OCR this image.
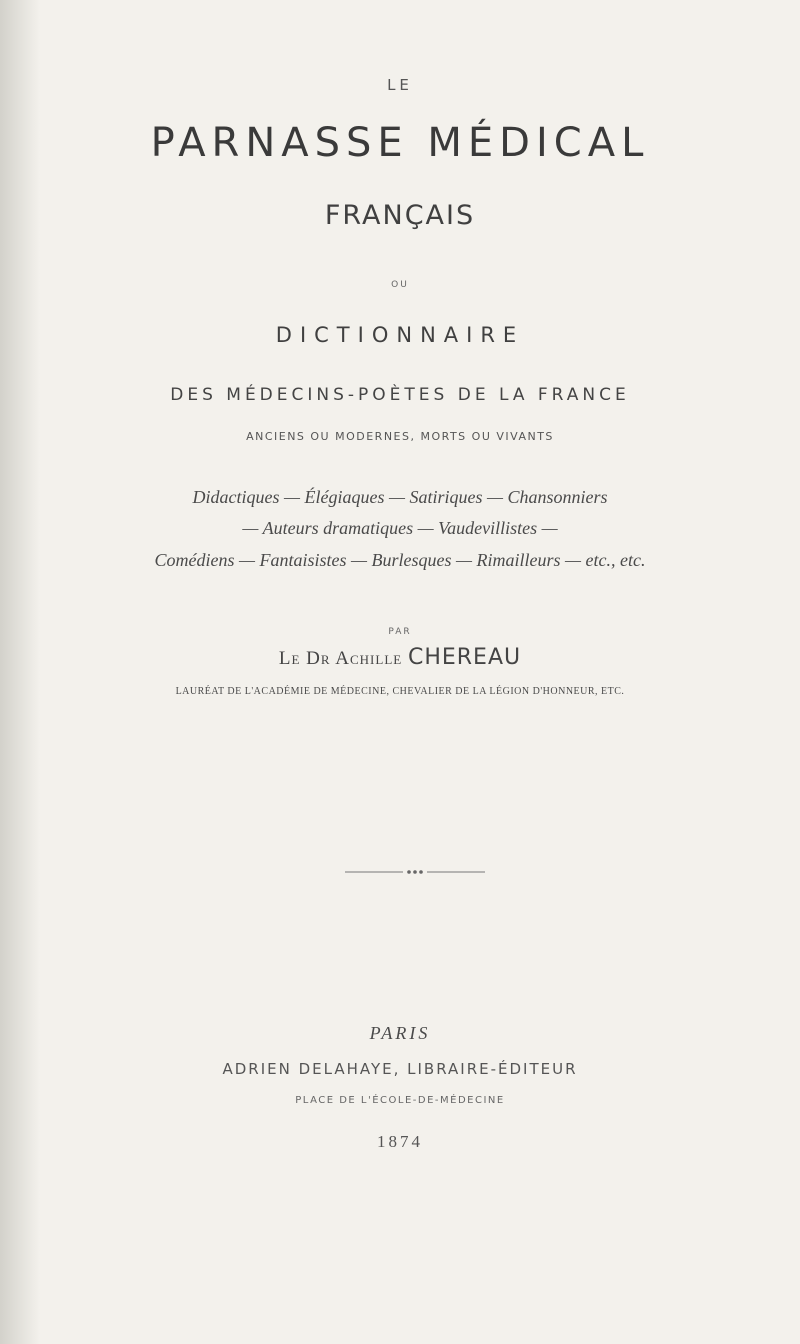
LE
PARNASSE MÉDICAL
FRANÇAIS
OU
DICTIONNAIRE
DES MÉDECINS-POÈTES DE LA FRANCE
ANCIENS OU MODERNES, MORTS OU VIVANTS
Didactiques — Élégiaques — Satiriques — Chansonniers
— Auteurs dramatiques — Vaudevillistes —
Comédiens — Fantaisistes — Burlesques — Rimailleurs — etc., etc.
PAR
Le Dr Achille CHEREAU
LAURÉAT DE L'ACADÉMIE DE MÉDECINE, CHEVALIER DE LA LÉGION D'HONNEUR, ETC.
PARIS
ADRIEN DELAHAYE, LIBRAIRE-ÉDITEUR
PLACE DE L'ÉCOLE-DE-MÉDECINE
1874
